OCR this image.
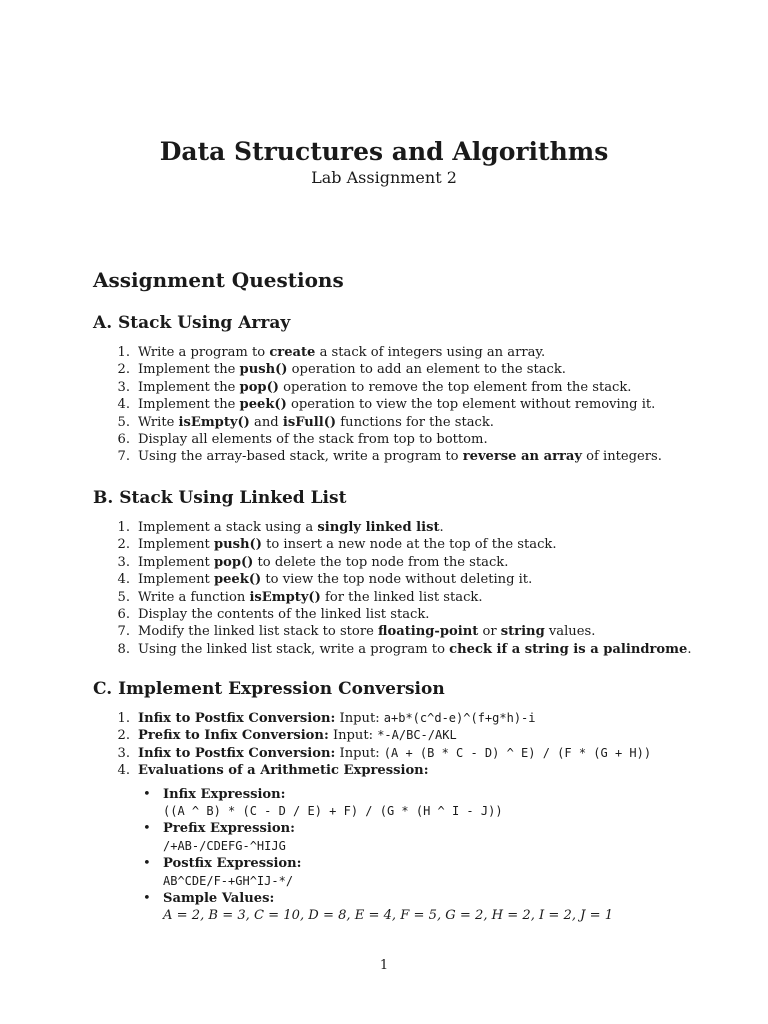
Data Structures and Algorithms

Lab Assignment 2

Assignment Questions
A. Stack Using Array
1. Write a program to create a stack of integers using an array.
2. Implement the push() operation to add an element to the stack.
3. Implement the pop() operation to remove the top element from the stack.
4. Implement the peek() operation to view the top element without removing it.
5. Write isEmpty() and isFull() functions for the stack.
6. Display all elements of the stack from top to bottom.
7. Using the array-based stack, write a program to reverse an array of integers.
B. Stack Using Linked List
1. Implement a stack using a singly linked list.
2. Implement push() to insert a new node at the top of the stack.
3. Implement pop() to delete the top node from the stack.
4. Implement peek() to view the top node without deleting it.
5. Write a function isEmpty() for the linked list stack.
6. Display the contents of the linked list stack.
7. Modify the linked list stack to store floating-point or string values.
8. Using the linked list stack, write a program to check if a string is a palindrome.
C. Implement Expression Conversion
1. Infix to Postfix Conversion: Input: a+b*(c^d-e)^(f+g*h)-i
2. Prefix to Infix Conversion: Input: *-A/BC-/AKL
3. Infix to Postfix Conversion: Input: (A + (B * C - D) ^ E) / (F * (G + H))
4. Evaluations of a Arithmetic Expression:
• Infix Expression:
((A ^ B) * (C - D / E) + F) / (G * (H ^ I - J))
• Prefix Expression:
/+AB-/CDEFG-^HIJG
• Postfix Expression:
AB^CDE/F-+GH^IJ-*/
• Sample Values:
A = 2, B = 3, C = 10, D = 8, E = 4, F = 5, G = 2, H = 2, I = 2, J = 1
1
